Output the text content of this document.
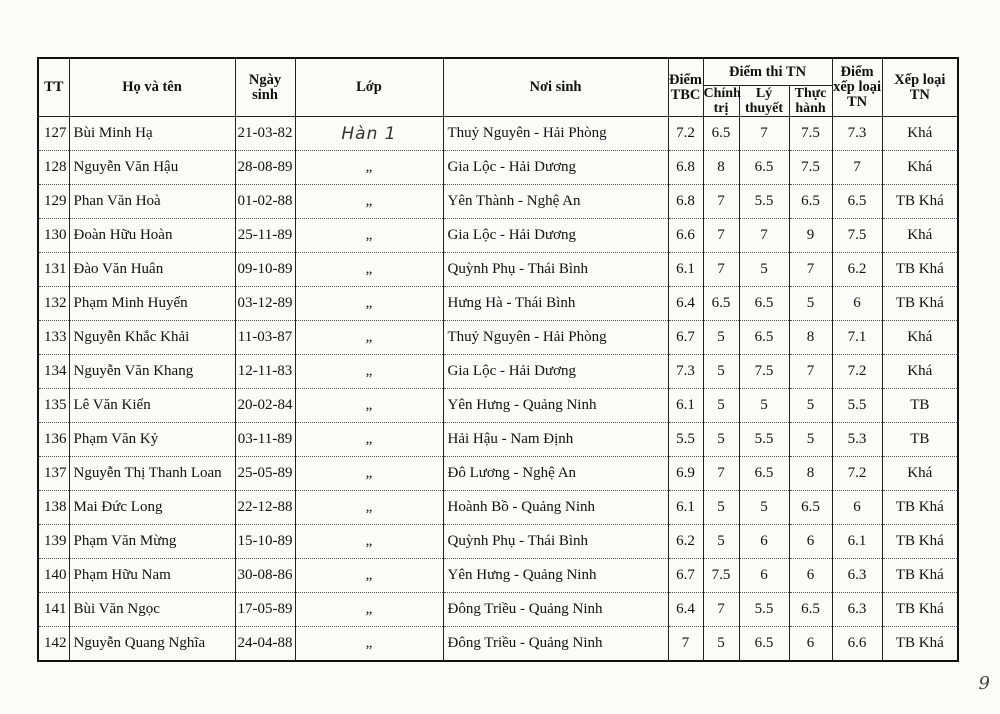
TT	Họ và tên	Ngày sinh	Lớp	Nơi sinh	Điểm TBC	Điểm thi TN			Điểm xếp loại TN	Xếp loại TN
						Chính trị	Lý thuyết	Thực hành		
127	Bùi Minh Hạ	21-03-82	Hàn 1	Thuỷ Nguyên - Hải Phòng	7.2	6.5	7	7.5	7.3	Khá
128	Nguyễn Văn Hậu	28-08-89	„	Gia Lộc - Hải Dương	6.8	8	6.5	7.5	7	Khá
129	Phan Văn Hoà	01-02-88	„	Yên Thành - Nghệ An	6.8	7	5.5	6.5	6.5	TB Khá
130	Đoàn Hữu Hoàn	25-11-89	„	Gia Lộc - Hải Dương	6.6	7	7	9	7.5	Khá
131	Đào Văn Huân	09-10-89	„	Quỳnh Phụ - Thái Bình	6.1	7	5	7	6.2	TB Khá
132	Phạm Minh Huyến	03-12-89	„	Hưng Hà - Thái Bình	6.4	6.5	6.5	5	6	TB Khá
133	Nguyễn Khắc Khải	11-03-87	„	Thuỷ Nguyên - Hải Phòng	6.7	5	6.5	8	7.1	Khá
134	Nguyễn Văn Khang	12-11-83	„	Gia Lộc - Hải Dương	7.3	5	7.5	7	7.2	Khá
135	Lê Văn Kiển	20-02-84	„	Yên Hưng - Quảng Ninh	6.1	5	5	5	5.5	TB
136	Phạm Văn Kỷ	03-11-89	„	Hải Hậu - Nam Định	5.5	5	5.5	5	5.3	TB
137	Nguyễn Thị Thanh Loan	25-05-89	„	Đô Lương - Nghệ An	6.9	7	6.5	8	7.2	Khá
138	Mai Đức Long	22-12-88	„	Hoành Bồ - Quảng Ninh	6.1	5	5	6.5	6	TB Khá
139	Phạm Văn Mừng	15-10-89	„	Quỳnh Phụ - Thái Bình	6.2	5	6	6	6.1	TB Khá
140	Phạm Hữu Nam	30-08-86	„	Yên Hưng - Quảng Ninh	6.7	7.5	6	6	6.3	TB Khá
141	Bùi Văn Ngọc	17-05-89	„	Đông Triều - Quảng Ninh	6.4	7	5.5	6.5	6.3	TB Khá
142	Nguyễn Quang Nghĩa	24-04-88	„	Đông Triều - Quảng Ninh	7	5	6.5	6	6.6	TB Khá
9
